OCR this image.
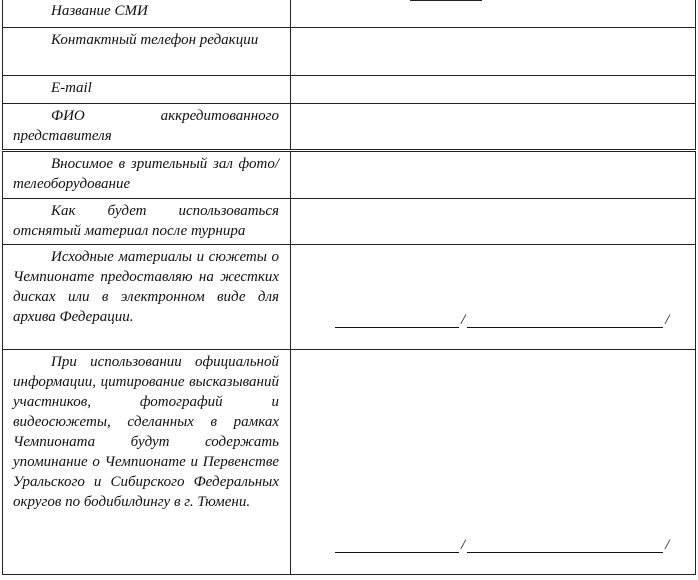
Название СМИ	

Контактный телефон редакции	

E-mail	

ФИО аккредитованного представителя	

Вносимое в зрительный зал фото/телеоборудование	

Как будет использоваться отснятый материал после турнира	

Исходные материалы и сюжеты о Чемпионате предоставляю на жестких дисках или в электронном виде для архива Федерации.	/ /

При использовании официальной информации, цитирование высказываний участников, фотографий и видеосюжеты, сделанных в рамках Чемпионата будут содержать упоминание о Чемпионате и Первенстве Уральского и Сибирского Федеральных округов по бодибилдингу в г. Тюмени.	/ /
